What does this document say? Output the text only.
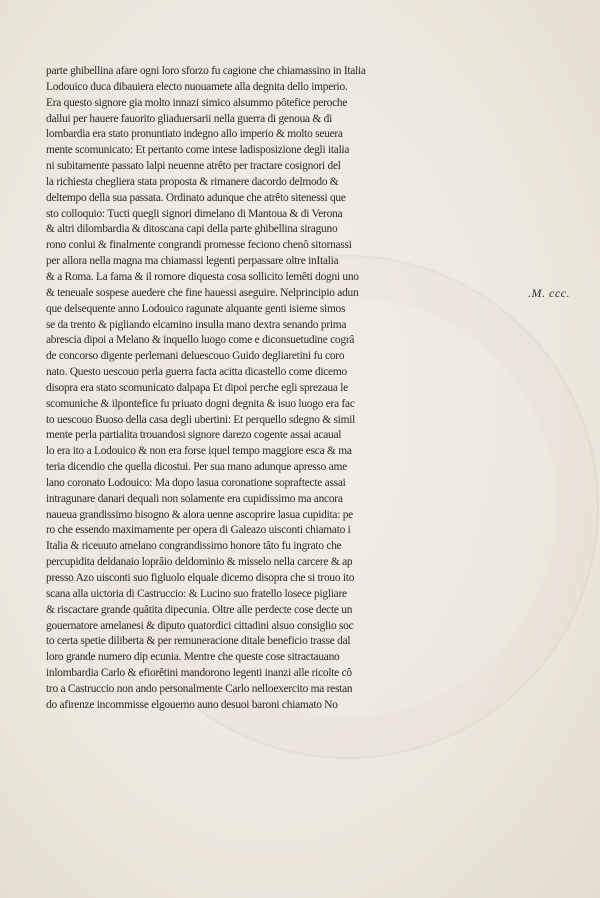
parte ghibellina afare ogni loro sforzo fu cagione che chiamassino in Italia
Lodouico duca dibauiera electo nuouamete alla degnita dello imperio.
Era questo signore gia molto innazi simico alsummo pôtefice peroche
dallui per hauere fauorito gliaduersarii nella guerra di genoua & di
lombardia era stato pronuntiato indegno allo imperio & molto seuera
mente scomunicato: Et pertanto come intese ladisposizione degli italia
ni subitamente passato lalpi neuenne atrêto per tractare cosignori del
la richiesta chegliera stata proposta & rimanere dacordo delmodo &
deltempo della sua passata. Ordinato adunque che atrêto sitenessi que
sto colloquio: Tucti quegli signori dimelano di Mantoua & di Verona
& altri dilombardia & ditoscana capi della parte ghibellina siraguno
rono conlui & finalmente congrandi promesse feciono chenô sitornassi
per allora nella magna ma chiamassi legenti perpassare oltre inItalia
& a Roma. La fama & il romore diquesta cosa sollicito lemêti dogni uno
& teneuale sospese auedere che fine hauessi aseguire. Nelprincipio adun
que delsequente anno Lodouico ragunate alquante genti isieme simos
se da trento & pigliando elcamino insulla mano dextra senando prima
abrescia dipoi a Melano & inquello luogo come e diconsuetudine cogrâ
de concorso digente perlemani deluescouo Guido degliaretini fu coro
nato. Questo uescouo perla guerra facta acitta dicastello come dicemo
disopra era stato scomunicato dalpapa Et dipoi perche egli sprezaua le
scomuniche & ilpontefice fu priuato dogni degnita & isuo luogo era fac
to uescouo Buoso della casa degli ubertini: Et perquello sdegno & simil
mente perla partialita trouandosi signore darezo cogente assai acaual
lo era ito a Lodouico & non era forse iquel tempo maggiore esca & ma
teria dicendio che quella dicostui. Per sua mano adunque apresso ame
lano coronato Lodouico: Ma dopo lasua coronatione sopraftecte assai
intragunare danari dequali non solamente era cupidissimo ma ancora
naueua grandissimo bisogno & alora uenne ascoprire lasua cupidita: pe
ro che essendo maximamente per opera di Galeazo uisconti chiamato i
Italia & riceuuto amelano congrandissimo honore tâto fu ingrato che
percupidita deldanaio loprâio deldominio & misselo nella carcere & ap
presso Azo uisconti suo figluolo elquale dicemo disopra che si trouo ito
scana alla uictoria di Castruccio: & Lucino suo fratello losece pigliare
& riscactare grande quâtita dipecunia. Oltre alle perdecte cose decte un
gouernatore amelanesi & diputo quatordici cittadini alsuo consiglio soc
to certa spetie diliberta & per remuneracione ditale beneficio trasse dal
loro grande numero dip ecunia. Mentre che queste cose sitractauano
inlombardia Carlo & efiorêtini mandorono legenti inanzi alle ricolte cô
tro a Castruccio non ando personalmente Carlo nelloexercito ma restan
do afirenze incommisse elgouerno auno desuoi baroni chiamato No
.M. ccc.
